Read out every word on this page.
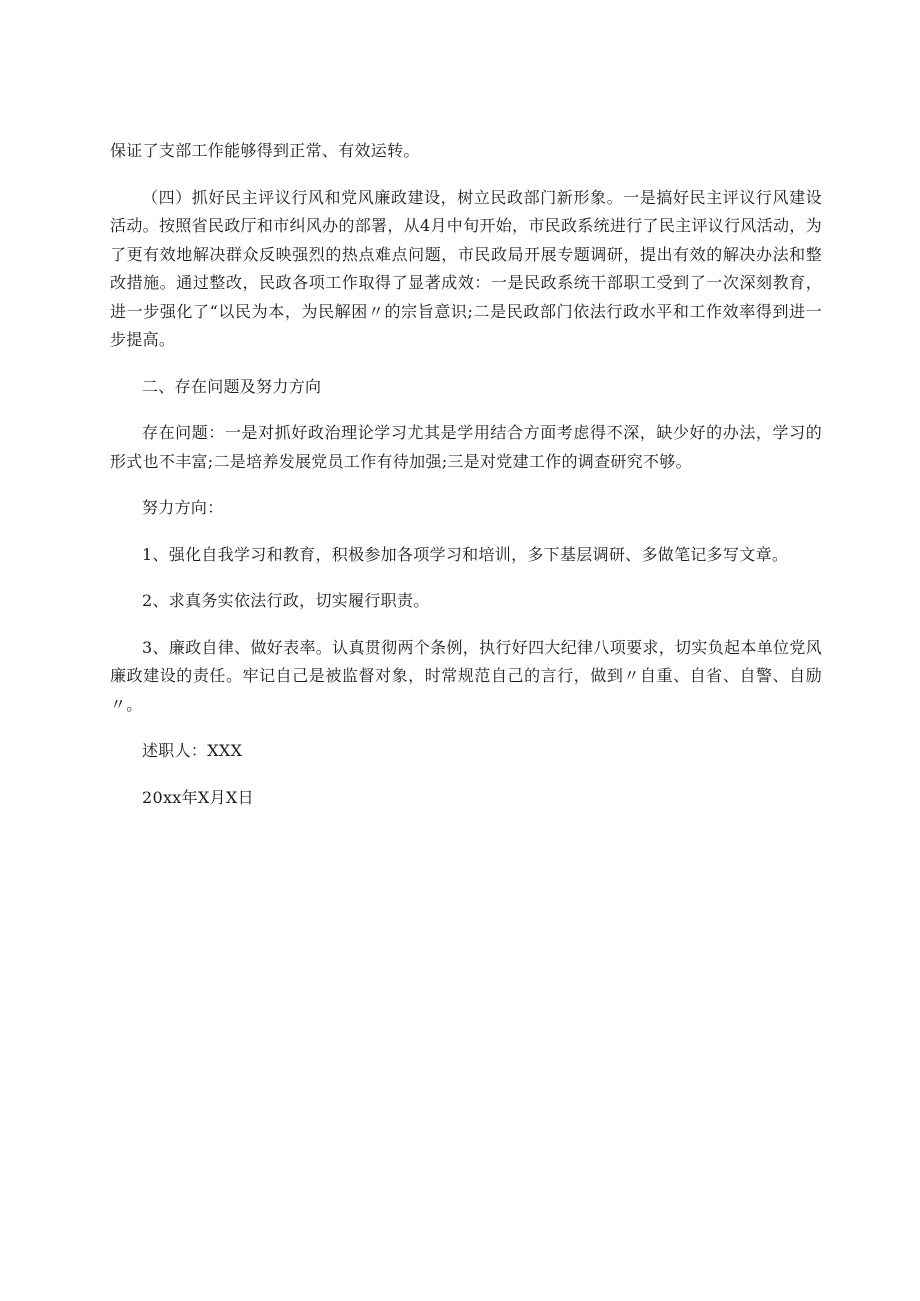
保证了支部工作能够得到正常、有效运转。

（四）抓好民主评议行风和党风廉政建设，树立民政部门新形象。一是搞好民主评议行风建设活动。按照省民政厅和市纠风办的部署，从4月中旬开始，市民政系统进行了民主评议行风活动，为了更有效地解决群众反映强烈的热点难点问题，市民政局开展专题调研，提出有效的解决办法和整改措施。通过整改，民政各项工作取得了显著成效：一是民政系统干部职工受到了一次深刻教育，进一步强化了“以民为本，为民解困〃的宗旨意识;二是民政部门依法行政水平和工作效率得到进一步提高。

二、存在问题及努力方向

存在问题：一是对抓好政治理论学习尤其是学用结合方面考虑得不深，缺少好的办法，学习的形式也不丰富;二是培养发展党员工作有待加强;三是对党建工作的调查研究不够。

努力方向：

1、强化自我学习和教育，积极参加各项学习和培训，多下基层调研、多做笔记多写文章。

2、求真务实依法行政，切实履行职责。

3、廉政自律、做好表率。认真贯彻两个条例，执行好四大纪律八项要求，切实负起本单位党风廉政建设的责任。牢记自己是被监督对象，时常规范自己的言行，做到〃自重、自省、自警、自励〃。

述职人：XXX

20xx年X月X日
